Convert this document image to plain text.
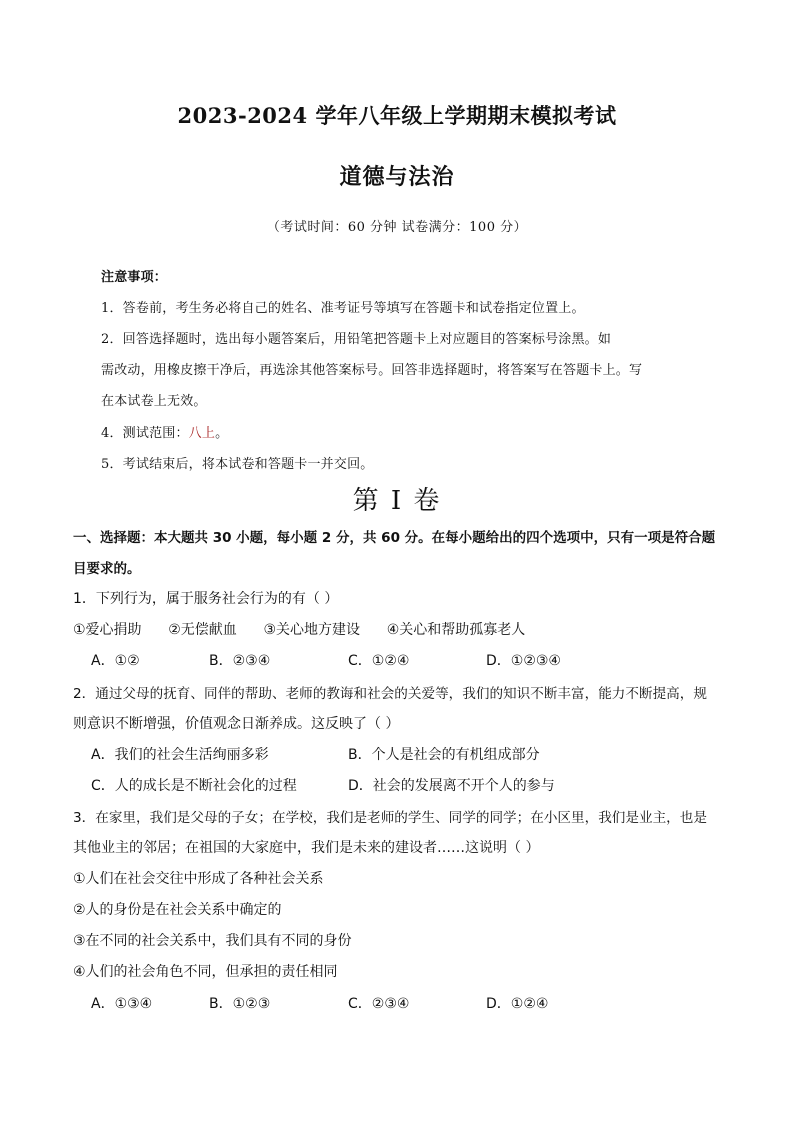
2023-2024 学年八年级上学期期末模拟考试
道德与法治
（考试时间：60 分钟 试卷满分：100 分）
注意事项：
1．答卷前，考生务必将自己的姓名、准考证号等填写在答题卡和试卷指定位置上。
2．回答选择题时，选出每小题答案后，用铅笔把答题卡上对应题目的答案标号涂黑。如
需改动，用橡皮擦干净后，再选涂其他答案标号。回答非选择题时，将答案写在答题卡上。写
在本试卷上无效。
4．测试范围：八上。
5．考试结束后，将本试卷和答题卡一并交回。
第 I 卷
一、选择题：本大题共 30 小题，每小题 2 分，共 60 分。在每小题给出的四个选项中，只有一项是符合题
目要求的。
1．下列行为，属于服务社会行为的有（ ）
①爱心捐助      ②无偿献血      ③关心地方建设      ④关心和帮助孤寡老人
A．①②	B．②③④	C．①②④	D．①②③④
2．通过父母的抚育、同伴的帮助、老师的教诲和社会的关爱等，我们的知识不断丰富，能力不断提高，规
则意识不断增强，价值观念日渐养成。这反映了（ ）
A．我们的社会生活绚丽多彩	B．个人是社会的有机组成部分
C．人的成长是不断社会化的过程	D．社会的发展离不开个人的参与
3．在家里，我们是父母的子女；在学校，我们是老师的学生、同学的同学；在小区里，我们是业主，也是
其他业主的邻居；在祖国的大家庭中，我们是未来的建设者……这说明（ ）
①人们在社会交往中形成了各种社会关系
②人的身份是在社会关系中确定的
③在不同的社会关系中，我们具有不同的身份
④人们的社会角色不同，但承担的责任相同
A．①③④	B．①②③	C．②③④	D．①②④
